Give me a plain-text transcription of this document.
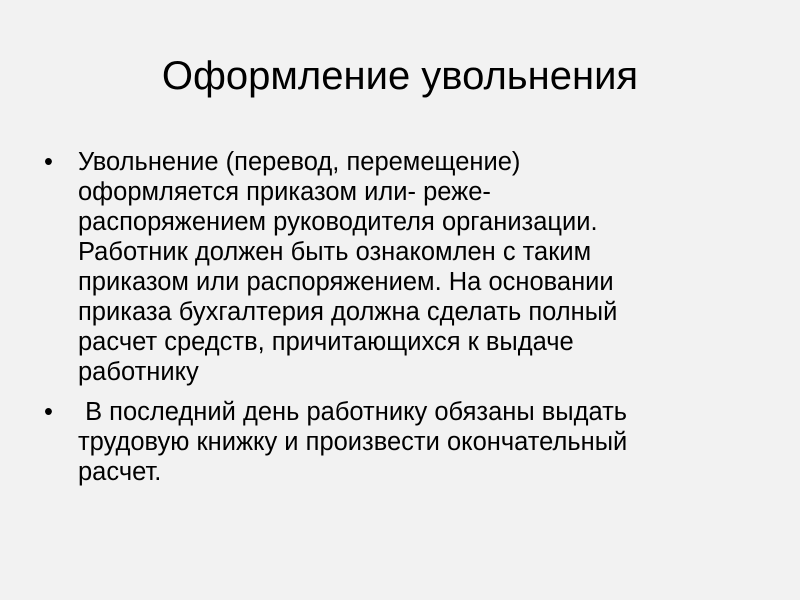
Оформление увольнения
• Увольнение (перевод, перемещение)
оформляется приказом или- реже-
распоряжением руководителя организации.
Работник должен быть ознакомлен с таким
приказом или распоряжением. На основании
приказа бухгалтерия должна сделать полный
расчет средств, причитающихся к выдаче
работнику
• В последний день работнику обязаны выдать
трудовую книжку и произвести окончательный
расчет.
